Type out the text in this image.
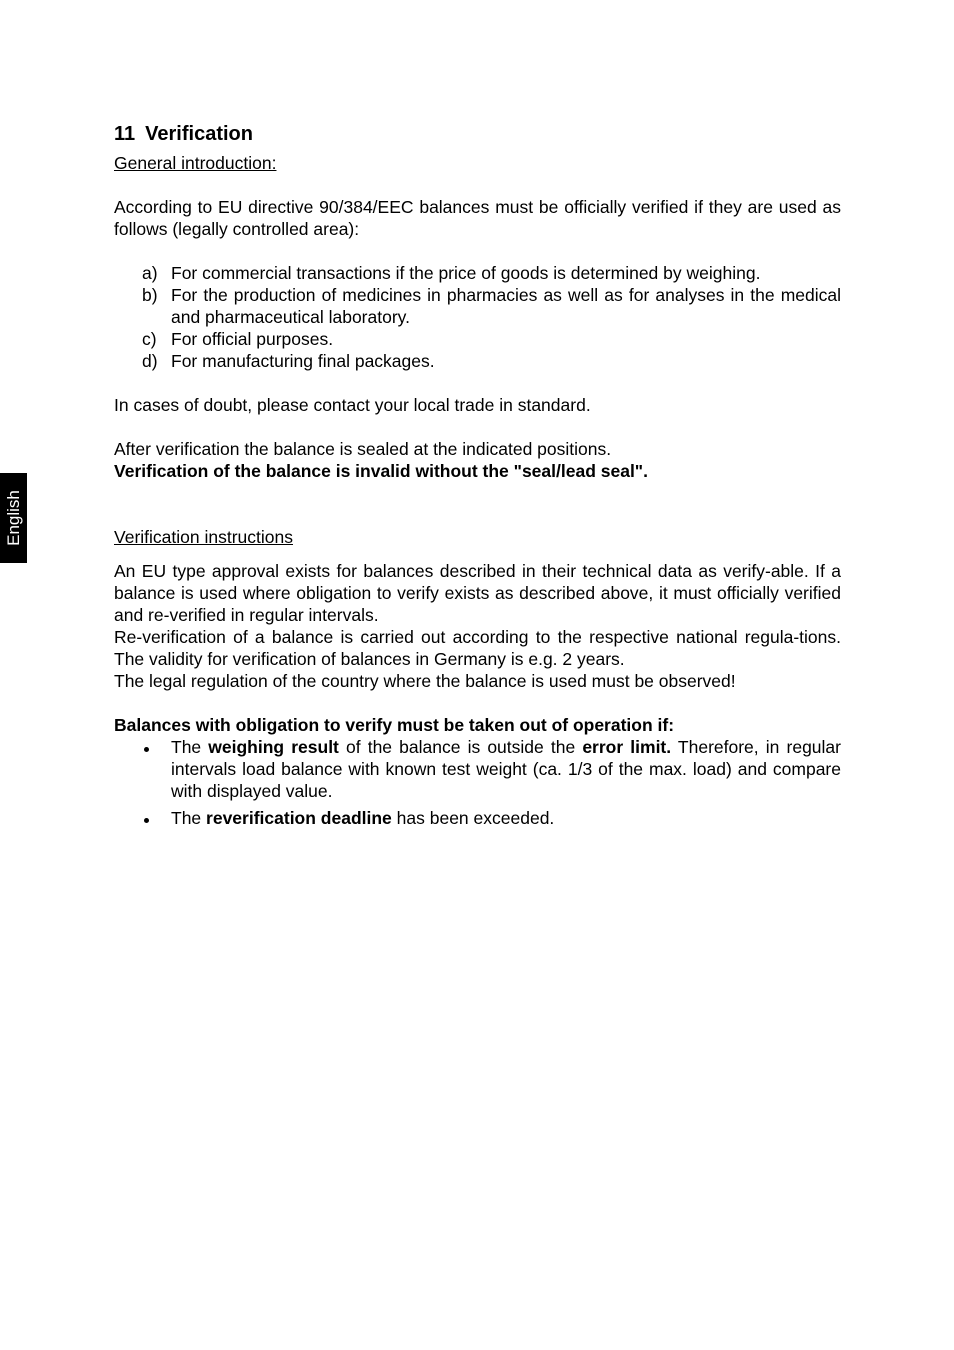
English
11 Verification

General introduction:

According to EU directive 90/384/EEC balances must be officially verified if they are used as follows (legally controlled area):

a) For commercial transactions if the price of goods is determined by weighing.
b) For the production of medicines in pharmacies as well as for analyses in the medical and pharmaceutical laboratory.
c) For official purposes.
d) For manufacturing final packages.

In cases of doubt, please contact your local trade in standard.

After verification the balance is sealed at the indicated positions.

Verification of the balance is invalid without the "seal/lead seal".

Verification instructions

An EU type approval exists for balances described in their technical data as verify-able. If a balance is used where obligation to verify exists as described above, it must officially verified and re-verified in regular intervals.

Re-verification of a balance is carried out according to the respective national regula-tions. The validity for verification of balances in Germany is e.g. 2 years.

The legal regulation of the country where the balance is used must be observed!

Balances with obligation to verify must be taken out of operation if:

The weighing result of the balance is outside the error limit. Therefore, in regular intervals load balance with known test weight (ca. 1/3 of the max. load) and compare with displayed value.
The reverification deadline has been exceeded.
